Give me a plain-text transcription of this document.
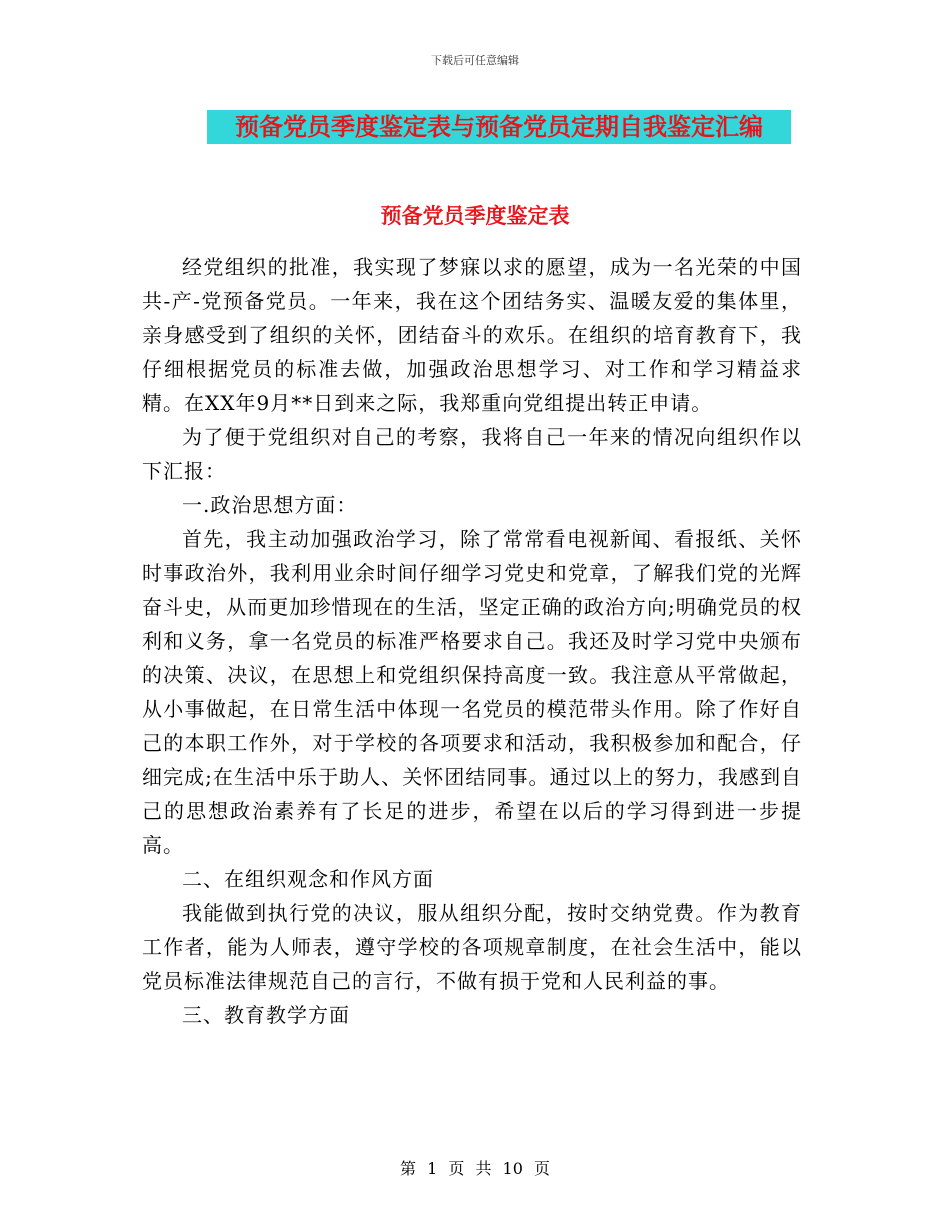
下载后可任意编辑
预备党员季度鉴定表与预备党员定期自我鉴定汇编
预备党员季度鉴定表

经党组织的批准，我实现了梦寐以求的愿望，成为一名光荣的中国共-产-党预备党员。一年来，我在这个团结务实、温暖友爱的集体里，亲身感受到了组织的关怀，团结奋斗的欢乐。在组织的培育教育下，我仔细根据党员的标准去做，加强政治思想学习、对工作和学习精益求精。在XX年9月**日到来之际，我郑重向党组提出转正申请。

为了便于党组织对自己的考察，我将自己一年来的情况向组织作以下汇报：

一.政治思想方面：

首先，我主动加强政治学习，除了常常看电视新闻、看报纸、关怀时事政治外，我利用业余时间仔细学习党史和党章，了解我们党的光辉奋斗史，从而更加珍惜现在的生活，坚定正确的政治方向;明确党员的权利和义务，拿一名党员的标准严格要求自己。我还及时学习党中央颁布的决策、决议，在思想上和党组织保持高度一致。我注意从平常做起，从小事做起，在日常生活中体现一名党员的模范带头作用。除了作好自己的本职工作外，对于学校的各项要求和活动，我积极参加和配合，仔细完成;在生活中乐于助人、关怀团结同事。通过以上的努力，我感到自己的思想政治素养有了长足的进步，希望在以后的学习得到进一步提高。

二、在组织观念和作风方面

我能做到执行党的决议，服从组织分配，按时交纳党费。作为教育工作者，能为人师表，遵守学校的各项规章制度，在社会生活中，能以党员标准法律规范自己的言行，不做有损于党和人民利益的事。

三、教育教学方面

第 1 页 共 10 页
